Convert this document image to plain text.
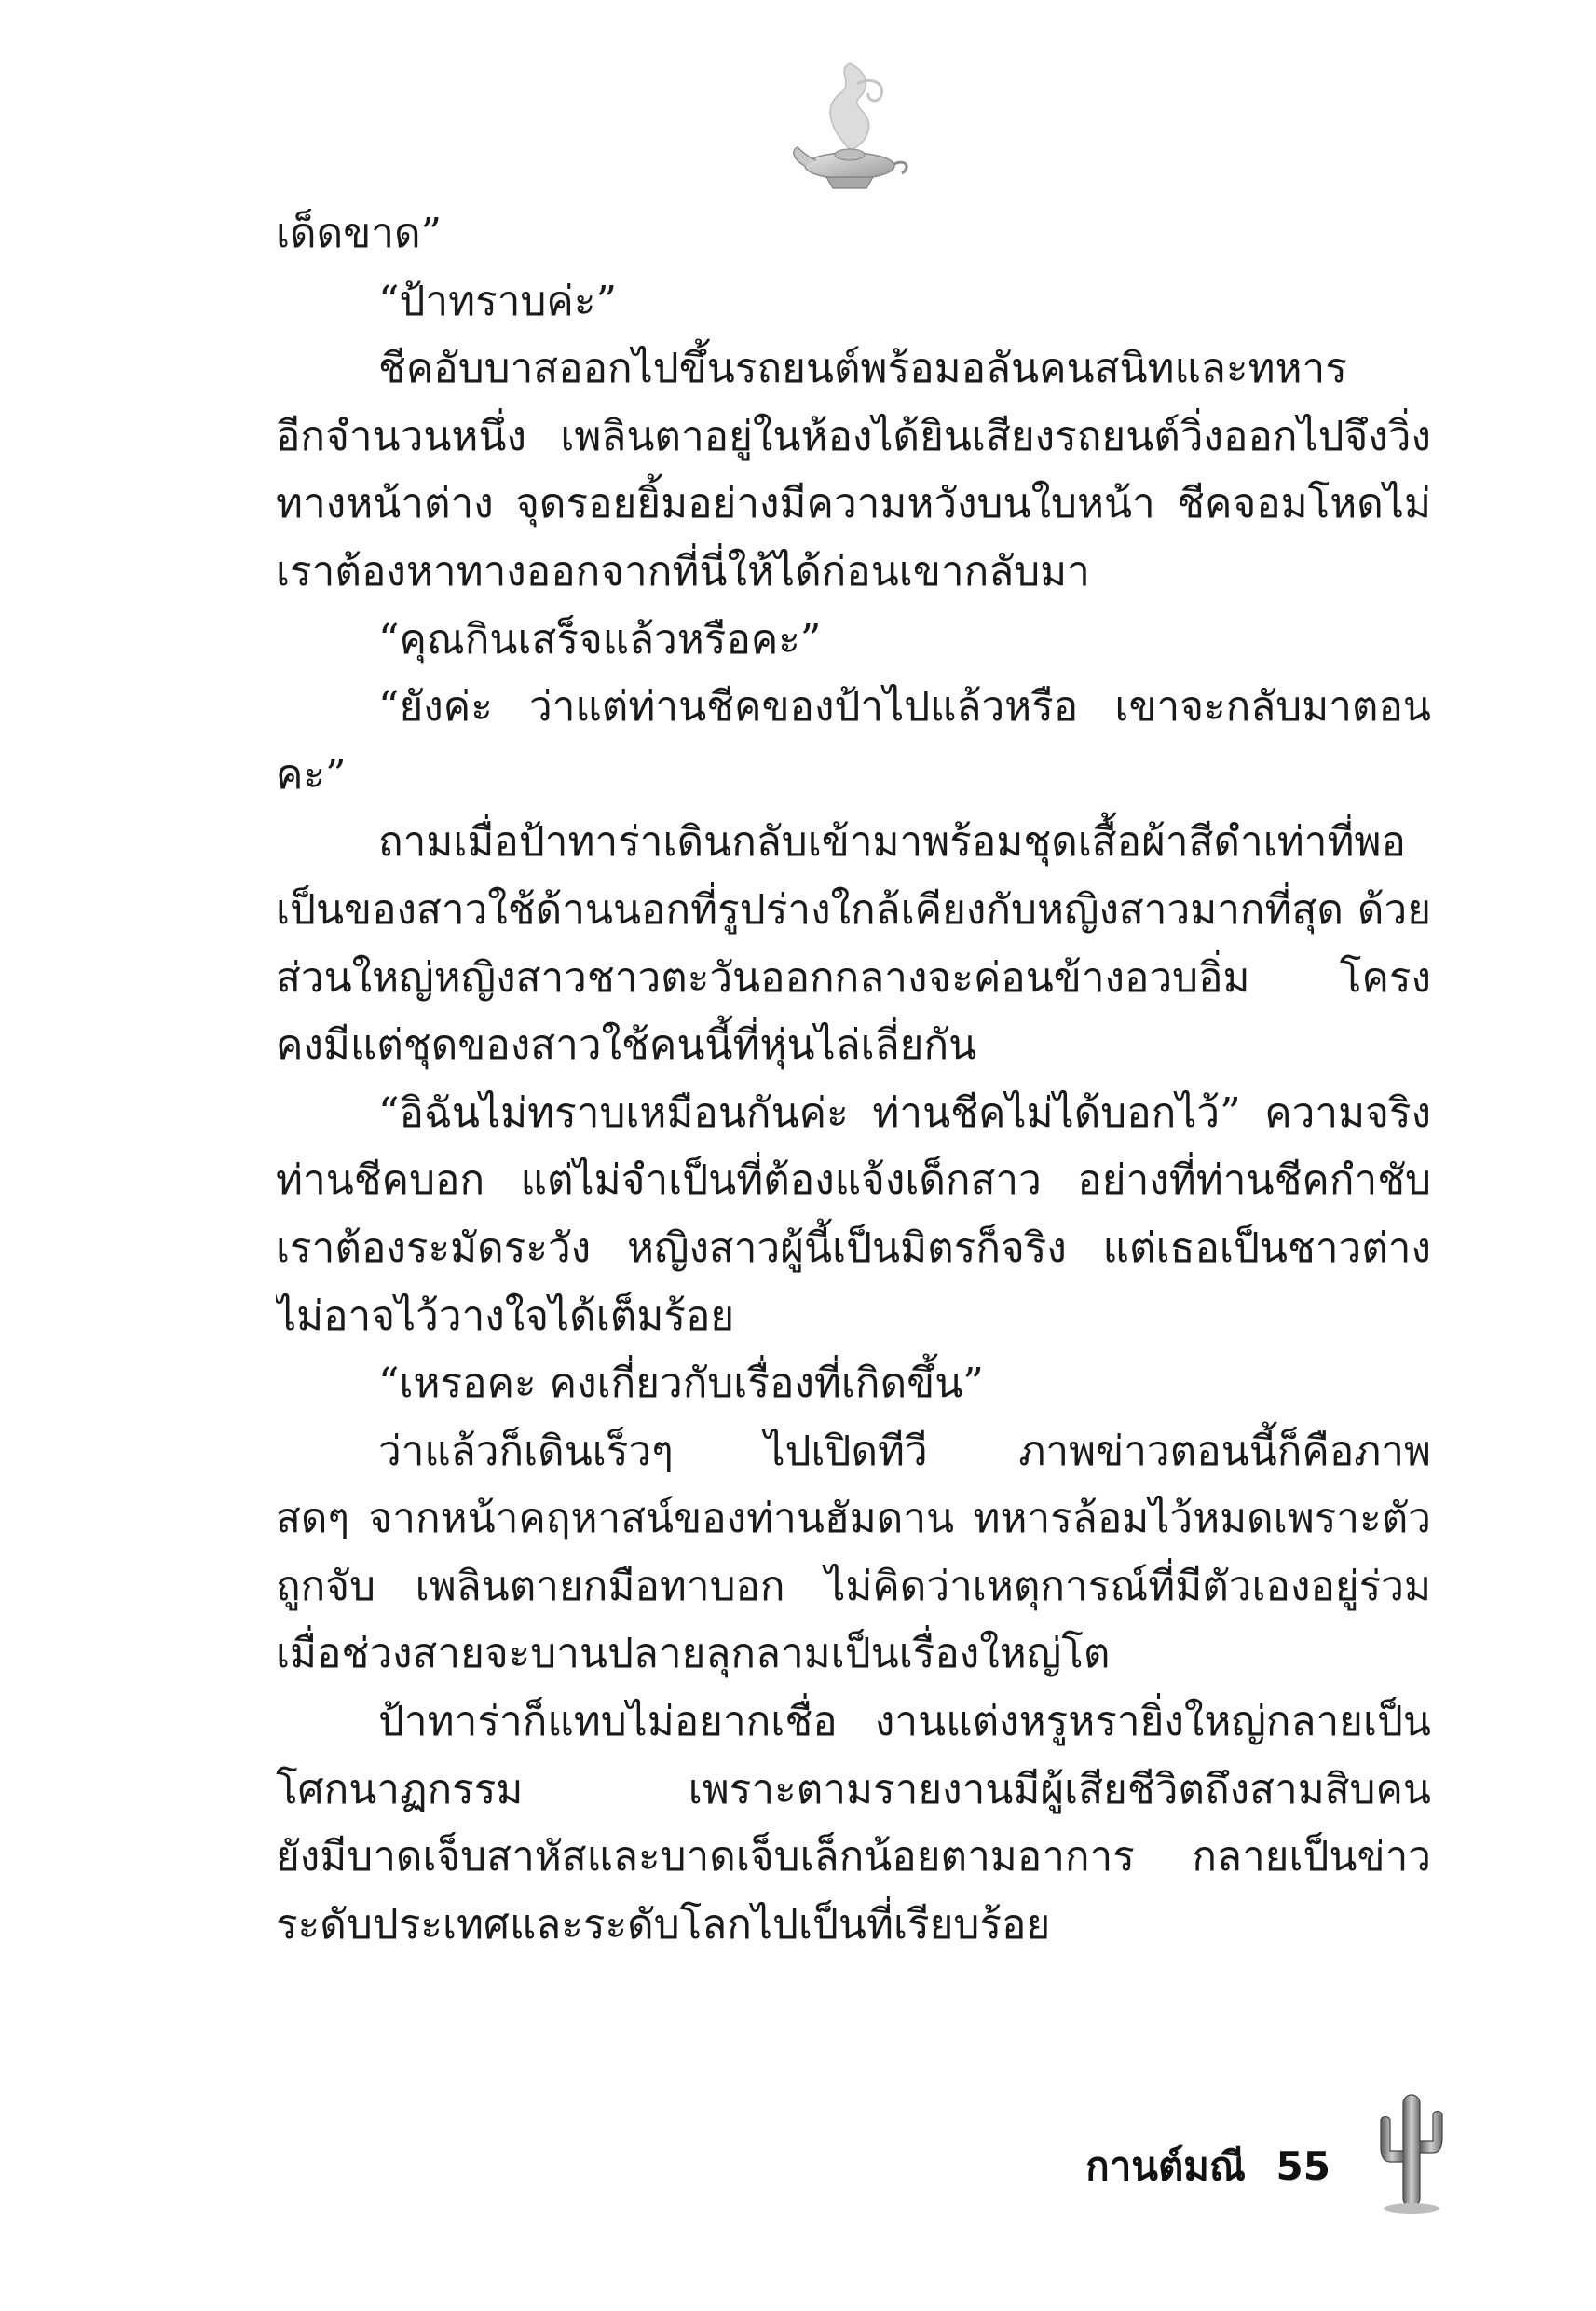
เด็ดขาด”
“ป้าทราบค่ะ”
ชีคอับบาสออกไปขึ้นรถยนต์พร้อมอลันคนสนิทและทหาร
อีกจำนวนหนึ่ง เพลินตาอยู่ในห้องได้ยินเสียงรถยนต์วิ่งออกไปจึงวิ่ง
ทางหน้าต่าง จุดรอยยิ้มอย่างมีความหวังบนใบหน้า ชีคจอมโหดไม่
เราต้องหาทางออกจากที่นี่ให้ได้ก่อนเขากลับมา
“คุณกินเสร็จแล้วหรือคะ”
“ยังค่ะ ว่าแต่ท่านชีคของป้าไปแล้วหรือ เขาจะกลับมาตอน
คะ”
ถามเมื่อป้าทาร่าเดินกลับเข้ามาพร้อมชุดเสื้อผ้าสีดำเท่าที่พอ
เป็นของสาวใช้ด้านนอกที่รูปร่างใกล้เคียงกับหญิงสาวมากที่สุด ด้วย
ส่วนใหญ่หญิงสาวชาวตะวันออกกลางจะค่อนข้างอวบอิ่ม โครง
คงมีแต่ชุดของสาวใช้คนนี้ที่หุ่นไล่เลี่ยกัน
“อิฉันไม่ทราบเหมือนกันค่ะ ท่านชีคไม่ได้บอกไว้” ความจริง
ท่านชีคบอก แต่ไม่จำเป็นที่ต้องแจ้งเด็กสาว อย่างที่ท่านชีคกำชับ
เราต้องระมัดระวัง หญิงสาวผู้นี้เป็นมิตรก็จริง แต่เธอเป็นชาวต่าง
ไม่อาจไว้วางใจได้เต็มร้อย
“เหรอคะ คงเกี่ยวกับเรื่องที่เกิดขึ้น”
ว่าแล้วก็เดินเร็วๆ ไปเปิดทีวี ภาพข่าวตอนนี้ก็คือภาพ
สดๆ จากหน้าคฤหาสน์ของท่านฮัมดาน ทหารล้อมไว้หมดเพราะตัว
ถูกจับ เพลินตายกมือทาบอก ไม่คิดว่าเหตุการณ์ที่มีตัวเองอยู่ร่วม
เมื่อช่วงสายจะบานปลายลุกลามเป็นเรื่องใหญ่โต
ป้าทาร่าก็แทบไม่อยากเชื่อ งานแต่งหรูหรายิ่งใหญ่กลายเป็น
โศกนาฏกรรม เพราะตามรายงานมีผู้เสียชีวิตถึงสามสิบคน
ยังมีบาดเจ็บสาหัสและบาดเจ็บเล็กน้อยตามอาการ กลายเป็นข่าว
ระดับประเทศและระดับโลกไปเป็นที่เรียบร้อย
กานต์มณี 55
